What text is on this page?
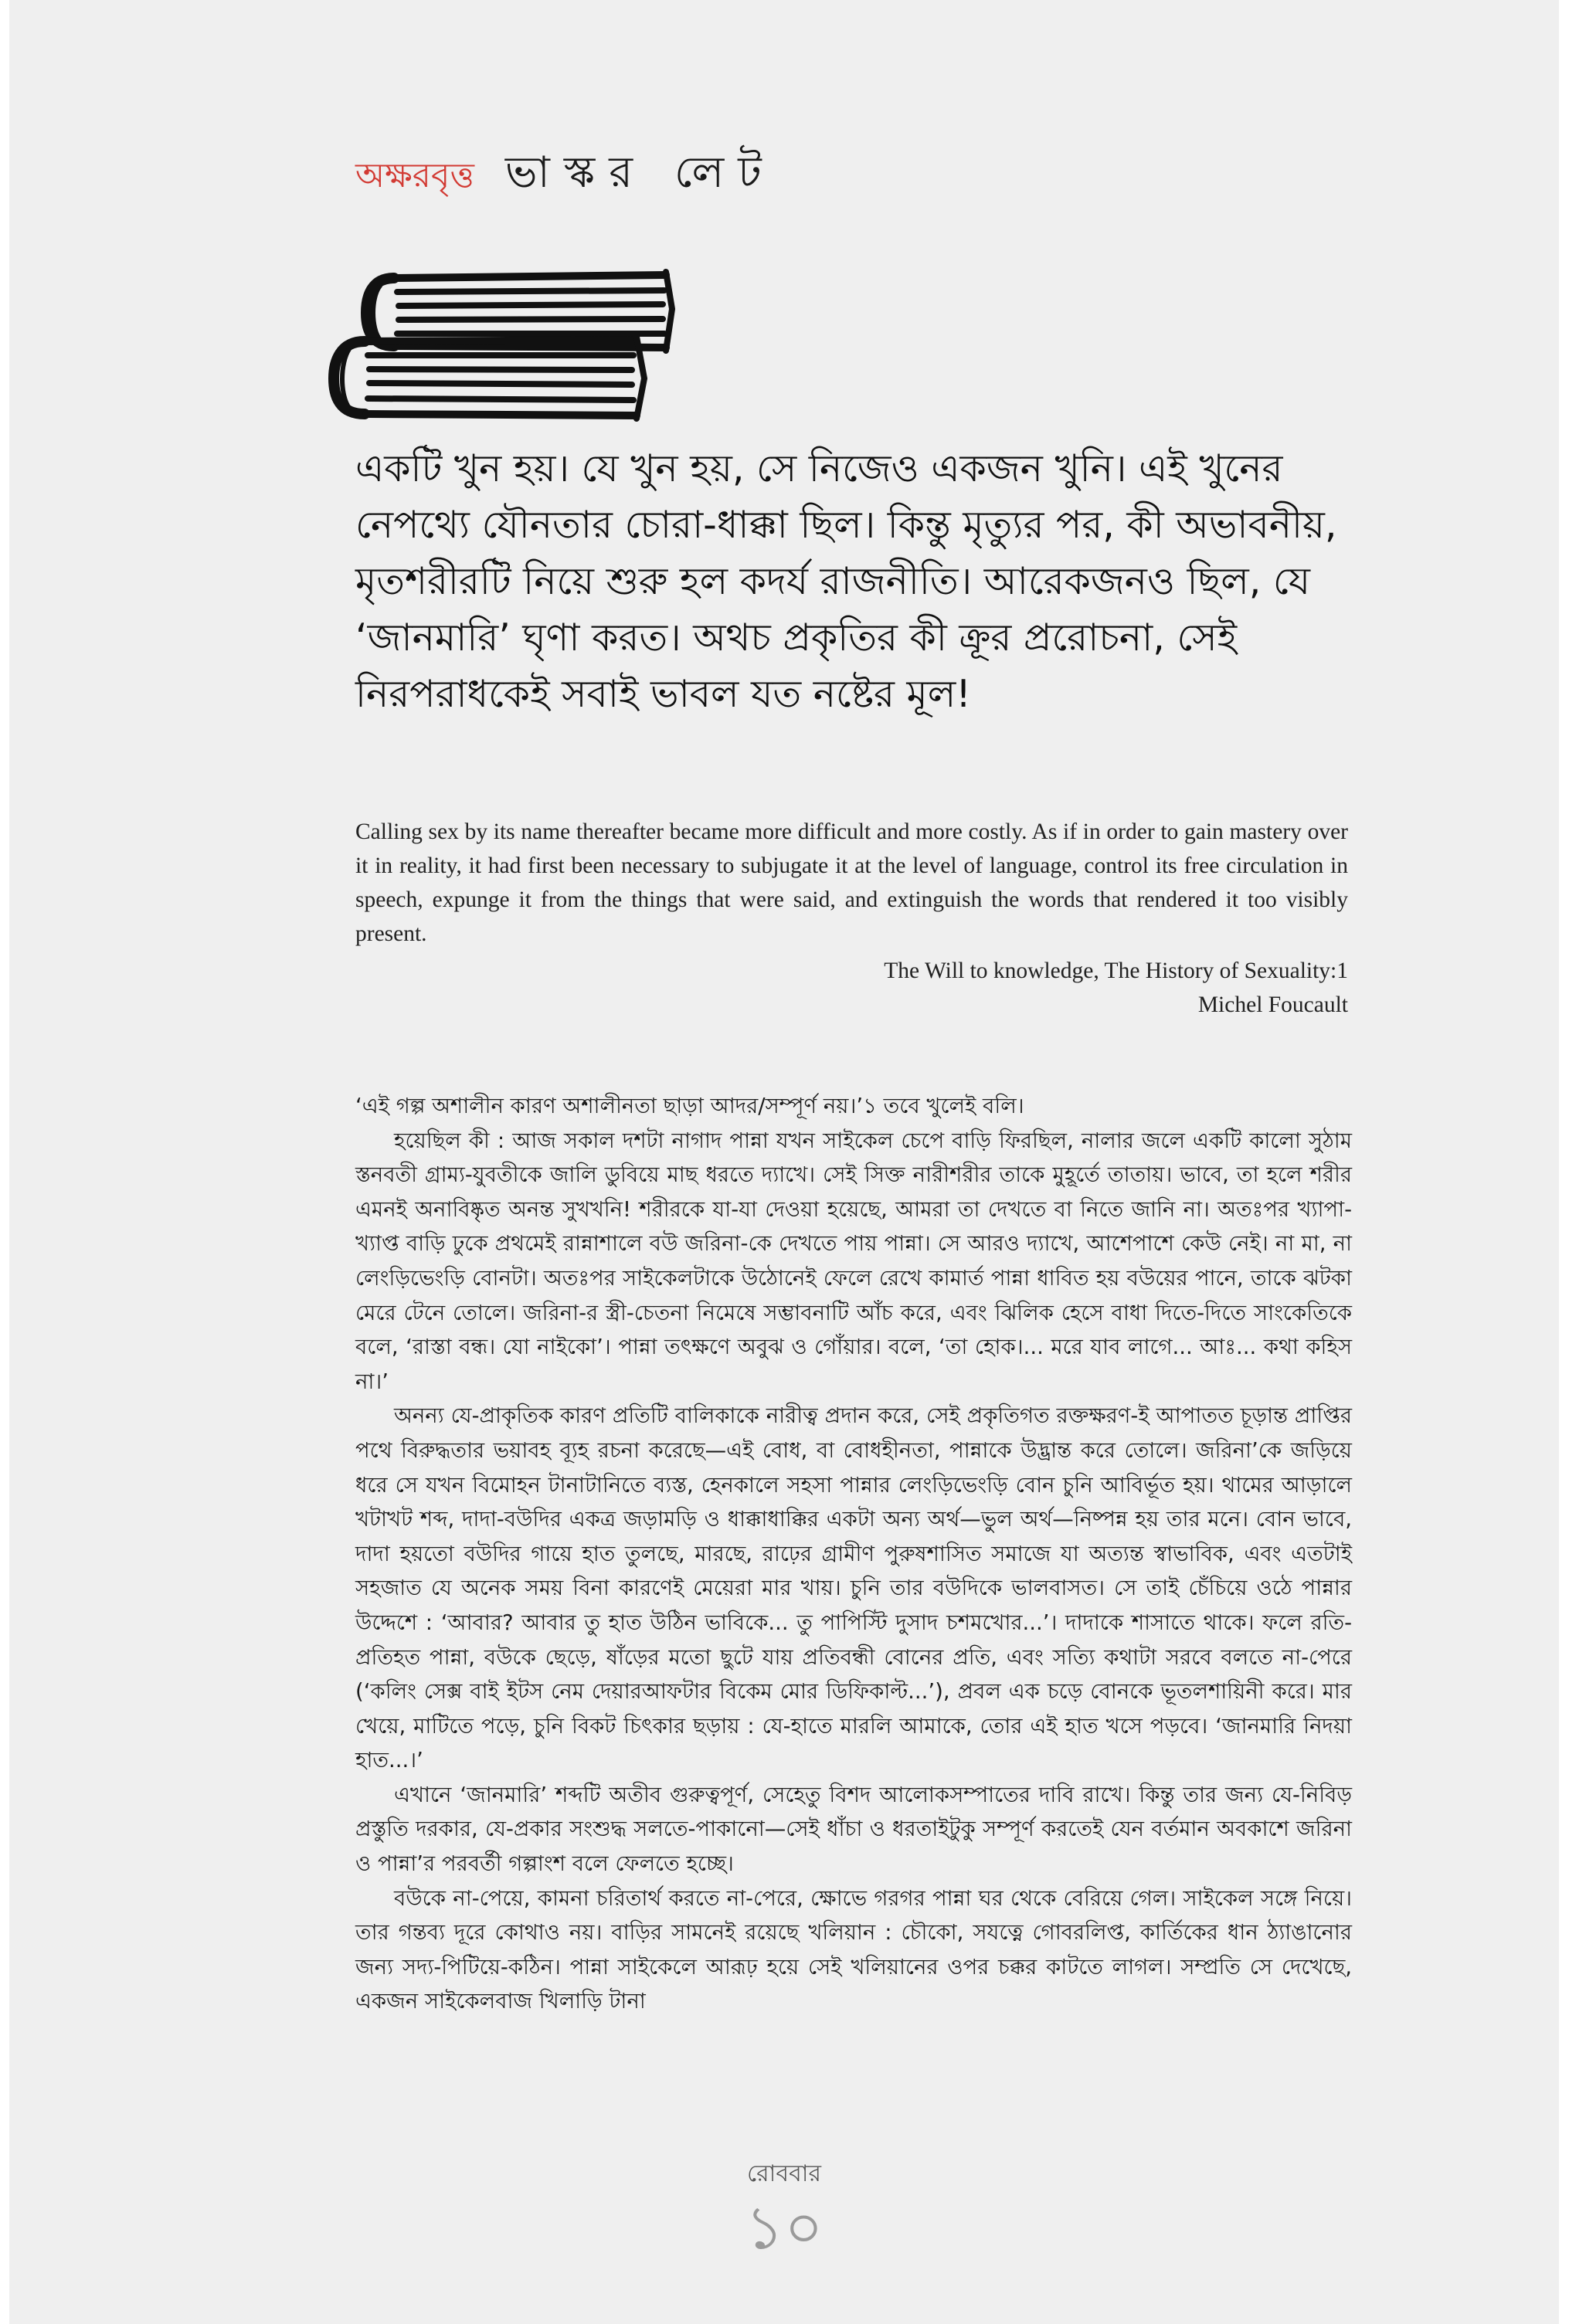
অক্ষরবৃত্ত ভাস্কর লেট

একটি খুন হয়। যে খুন হয়, সে নিজেও একজন খুনি। এই খুনের নেপথ্যে যৌনতার চোরা-ধাক্কা ছিল। কিন্তু মৃত্যুর পর, কী অভাবনীয়, মৃতশরীরটি নিয়ে শুরু হল কদর্য রাজনীতি। আরেকজনও ছিল, যে ‘জানমারি’ ঘৃণা করত। অথচ প্রকৃতির কী ক্রূর প্ররোচনা, সেই নিরপরাধকেই সবাই ভাবল যত নষ্টের মূল!

Calling sex by its name thereafter became more difficult and more costly. As if in order to gain mastery over it in reality, it had first been necessary to subjugate it at the level of language, control its free circulation in speech, expunge it from the things that were said, and extinguish the words that rendered it too visibly present.

The Will to knowledge, The History of Sexuality:1
Michel Foucault

‘এই গল্প অশালীন কারণ অশালীনতা ছাড়া আদর/সম্পূর্ণ নয়।’১ তবে খুলেই বলি।

হয়েছিল কী : আজ সকাল দশটা নাগাদ পান্না যখন সাইকেল চেপে বাড়ি ফিরছিল, নালার জলে একটি কালো সুঠাম স্তনবতী গ্রাম্য-যুবতীকে জালি ডুবিয়ে মাছ ধরতে দ্যাখে। সেই সিক্ত নারীশরীর তাকে মুহূর্তে তাতায়। ভাবে, তা হলে শরীর এমনই অনাবিষ্কৃত অনন্ত সুখখনি! শরীরকে যা-যা দেওয়া হয়েছে, আমরা তা দেখতে বা নিতে জানি না। অতঃপর খ্যাপা-খ্যাপ্ত বাড়ি ঢুকে প্রথমেই রান্নাশালে বউ জরিনা-কে দেখতে পায় পান্না। সে আরও দ্যাখে, আশেপাশে কেউ নেই। না মা, না লেংড়িভেংড়ি বোনটা। অতঃপর সাইকেলটাকে উঠোনেই ফেলে রেখে কামার্ত পান্না ধাবিত হয় বউয়ের পানে, তাকে ঝটকা মেরে টেনে তোলে। জরিনা-র স্ত্রী-চেতনা নিমেষে সম্ভাবনাটি আঁচ করে, এবং ঝিলিক হেসে বাধা দিতে-দিতে সাংকেতিকে বলে, ‘রাস্তা বন্ধ। যো নাইকো’। পান্না তৎক্ষণে অবুঝ ও গোঁয়ার। বলে, ‘তা হোক।... মরে যাব লাগে... আঃ... কথা কহিস না।’

অনন্য যে-প্রাকৃতিক কারণ প্রতিটি বালিকাকে নারীত্ব প্রদান করে, সেই প্রকৃতিগত রক্তক্ষরণ-ই আপাতত চূড়ান্ত প্রাপ্তির পথে বিরুদ্ধতার ভয়াবহ ব্যূহ রচনা করেছে—এই বোধ, বা বোধহীনতা, পান্নাকে উদ্ভ্রান্ত করে তোলে। জরিনা’কে জড়িয়ে ধরে সে যখন বিমোহন টানাটানিতে ব্যস্ত, হেনকালে সহসা পান্নার লেংড়িভেংড়ি বোন চুনি আবির্ভূত হয়। থামের আড়ালে খটাখট শব্দ, দাদা-বউদির একত্র জড়ামড়ি ও ধাক্কাধাক্কির একটা অন্য অর্থ—ভুল অর্থ—নিষ্পন্ন হয় তার মনে। বোন ভাবে, দাদা হয়তো বউদির গায়ে হাত তুলছে, মারছে, রাঢ়ের গ্রামীণ পুরুষশাসিত সমাজে যা অত্যন্ত স্বাভাবিক, এবং এতটাই সহজাত যে অনেক সময় বিনা কারণেই মেয়েরা মার খায়। চুনি তার বউদিকে ভালবাসত। সে তাই চেঁচিয়ে ওঠে পান্নার উদ্দেশে : ‘আবার? আবার তু হাত উঠিন ভাবিকে... তু পাপিস্টি দুসাদ চশমখোর...’। দাদাকে শাসাতে থাকে। ফলে রতি-প্রতিহত পান্না, বউকে ছেড়ে, ষাঁড়ের মতো ছুটে যায় প্রতিবন্ধী বোনের প্রতি, এবং সত্যি কথাটা সরবে বলতে না-পেরে (‘কলিং সেক্স বাই ইটস নেম দেয়ারআফটার বিকেম মোর ডিফিকাল্ট...’), প্রবল এক চড়ে বোনকে ভূতলশায়িনী করে। মার খেয়ে, মাটিতে পড়ে, চুনি বিকট চিৎকার ছড়ায় : যে-হাতে মারলি আমাকে, তোর এই হাত খসে পড়বে। ‘জানমারি নিদয়া হাত...।’

এখানে ‘জানমারি’ শব্দটি অতীব গুরুত্বপূর্ণ, সেহেতু বিশদ আলোকসম্পাতের দাবি রাখে। কিন্তু তার জন্য যে-নিবিড় প্রস্তুতি দরকার, যে-প্রকার সংশুদ্ধ সলতে-পাকানো—সেই ধাঁচা ও ধরতাইটুকু সম্পূর্ণ করতেই যেন বর্তমান অবকাশে জরিনা ও পান্না’র পরবর্তী গল্পাংশ বলে ফেলতে হচ্ছে।

বউকে না-পেয়ে, কামনা চরিতার্থ করতে না-পেরে, ক্ষোভে গরগর পান্না ঘর থেকে বেরিয়ে গেল। সাইকেল সঙ্গে নিয়ে। তার গন্তব্য দূরে কোথাও নয়। বাড়ির সামনেই রয়েছে খলিয়ান : চৌকো, সযত্নে গোবরলিপ্ত, কার্তিকের ধান ঠ্যাঙানোর জন্য সদ্য-পিটিয়ে-কঠিন। পান্না সাইকেলে আরূঢ় হয়ে সেই খলিয়ানের ওপর চক্কর কাটতে লাগল। সম্প্রতি সে দেখেছে, একজন সাইকেলবাজ খিলাড়ি টানা

রোববার
১০
